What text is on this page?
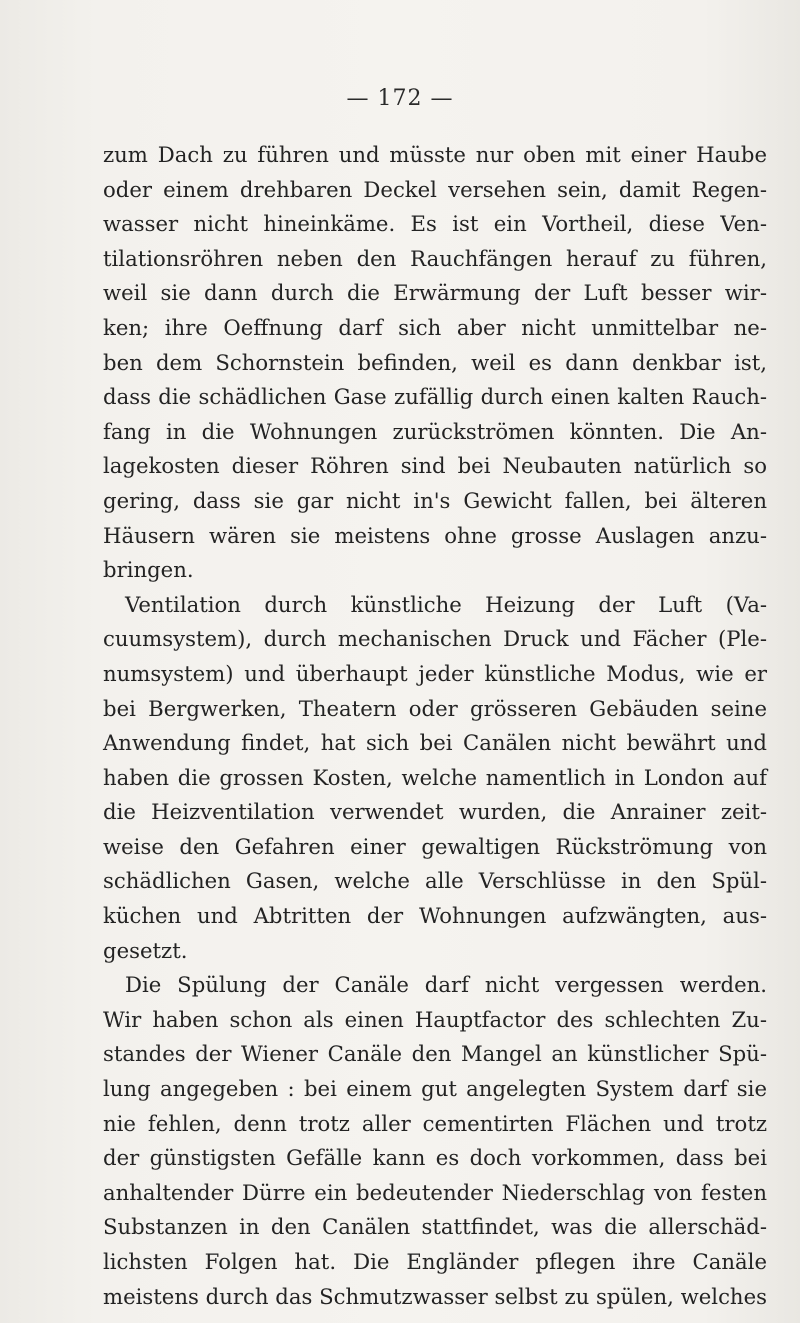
— 172 —
zum Dach zu führen und müsste nur oben mit einer Haube
oder einem drehbaren Deckel versehen sein, damit Regen-
wasser nicht hineinkäme. Es ist ein Vortheil, diese Ven-
tilationsröhren neben den Rauchfängen herauf zu führen,
weil sie dann durch die Erwärmung der Luft besser wir-
ken; ihre Oeffnung darf sich aber nicht unmittelbar ne-
ben dem Schornstein befinden, weil es dann denkbar ist,
dass die schädlichen Gase zufällig durch einen kalten Rauch-
fang in die Wohnungen zurückströmen könnten. Die An-
lagekosten dieser Röhren sind bei Neubauten natürlich so
gering, dass sie gar nicht in's Gewicht fallen, bei älteren
Häusern wären sie meistens ohne grosse Auslagen anzu-
bringen.
Ventilation durch künstliche Heizung der Luft (Va-
cuumsystem), durch mechanischen Druck und Fächer (Ple-
numsystem) und überhaupt jeder künstliche Modus, wie er
bei Bergwerken, Theatern oder grösseren Gebäuden seine
Anwendung findet, hat sich bei Canälen nicht bewährt und
haben die grossen Kosten, welche namentlich in London auf
die Heizventilation verwendet wurden, die Anrainer zeit-
weise den Gefahren einer gewaltigen Rückströmung von
schädlichen Gasen, welche alle Verschlüsse in den Spül-
küchen und Abtritten der Wohnungen aufzwängten, aus-
gesetzt.
Die Spülung der Canäle darf nicht vergessen werden.
Wir haben schon als einen Hauptfactor des schlechten Zu-
standes der Wiener Canäle den Mangel an künstlicher Spü-
lung angegeben : bei einem gut angelegten System darf sie
nie fehlen, denn trotz aller cementirten Flächen und trotz
der günstigsten Gefälle kann es doch vorkommen, dass bei
anhaltender Dürre ein bedeutender Niederschlag von festen
Substanzen in den Canälen stattfindet, was die allerschäd-
lichsten Folgen hat. Die Engländer pflegen ihre Canäle
meistens durch das Schmutzwasser selbst zu spülen, welches
